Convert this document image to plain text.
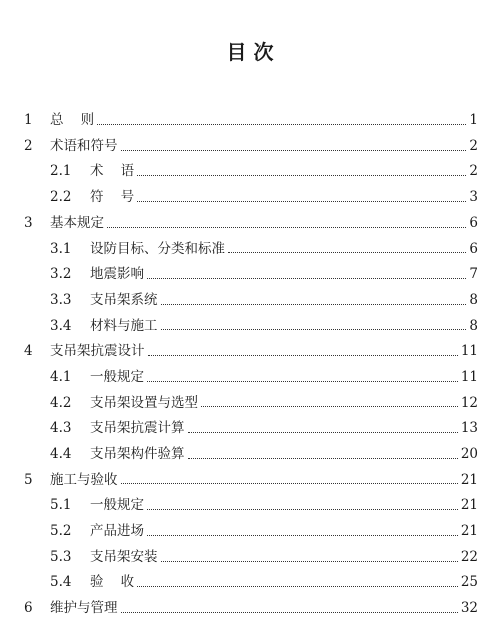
目 次
1	总    则	1
2	术语和符号	2
2.1	术    语	2
2.2	符    号	3
3	基本规定	6
3.1	设防目标、分类和标准	6
3.2	地震影响	7
3.3	支吊架系统	8
3.4	材料与施工	8
4	支吊架抗震设计	11
4.1	一般规定	11
4.2	支吊架设置与选型	12
4.3	支吊架抗震计算	13
4.4	支吊架构件验算	20
5	施工与验收	21
5.1	一般规定	21
5.2	产品进场	21
5.3	支吊架安装	22
5.4	验    收	25
6	维护与管理	32
